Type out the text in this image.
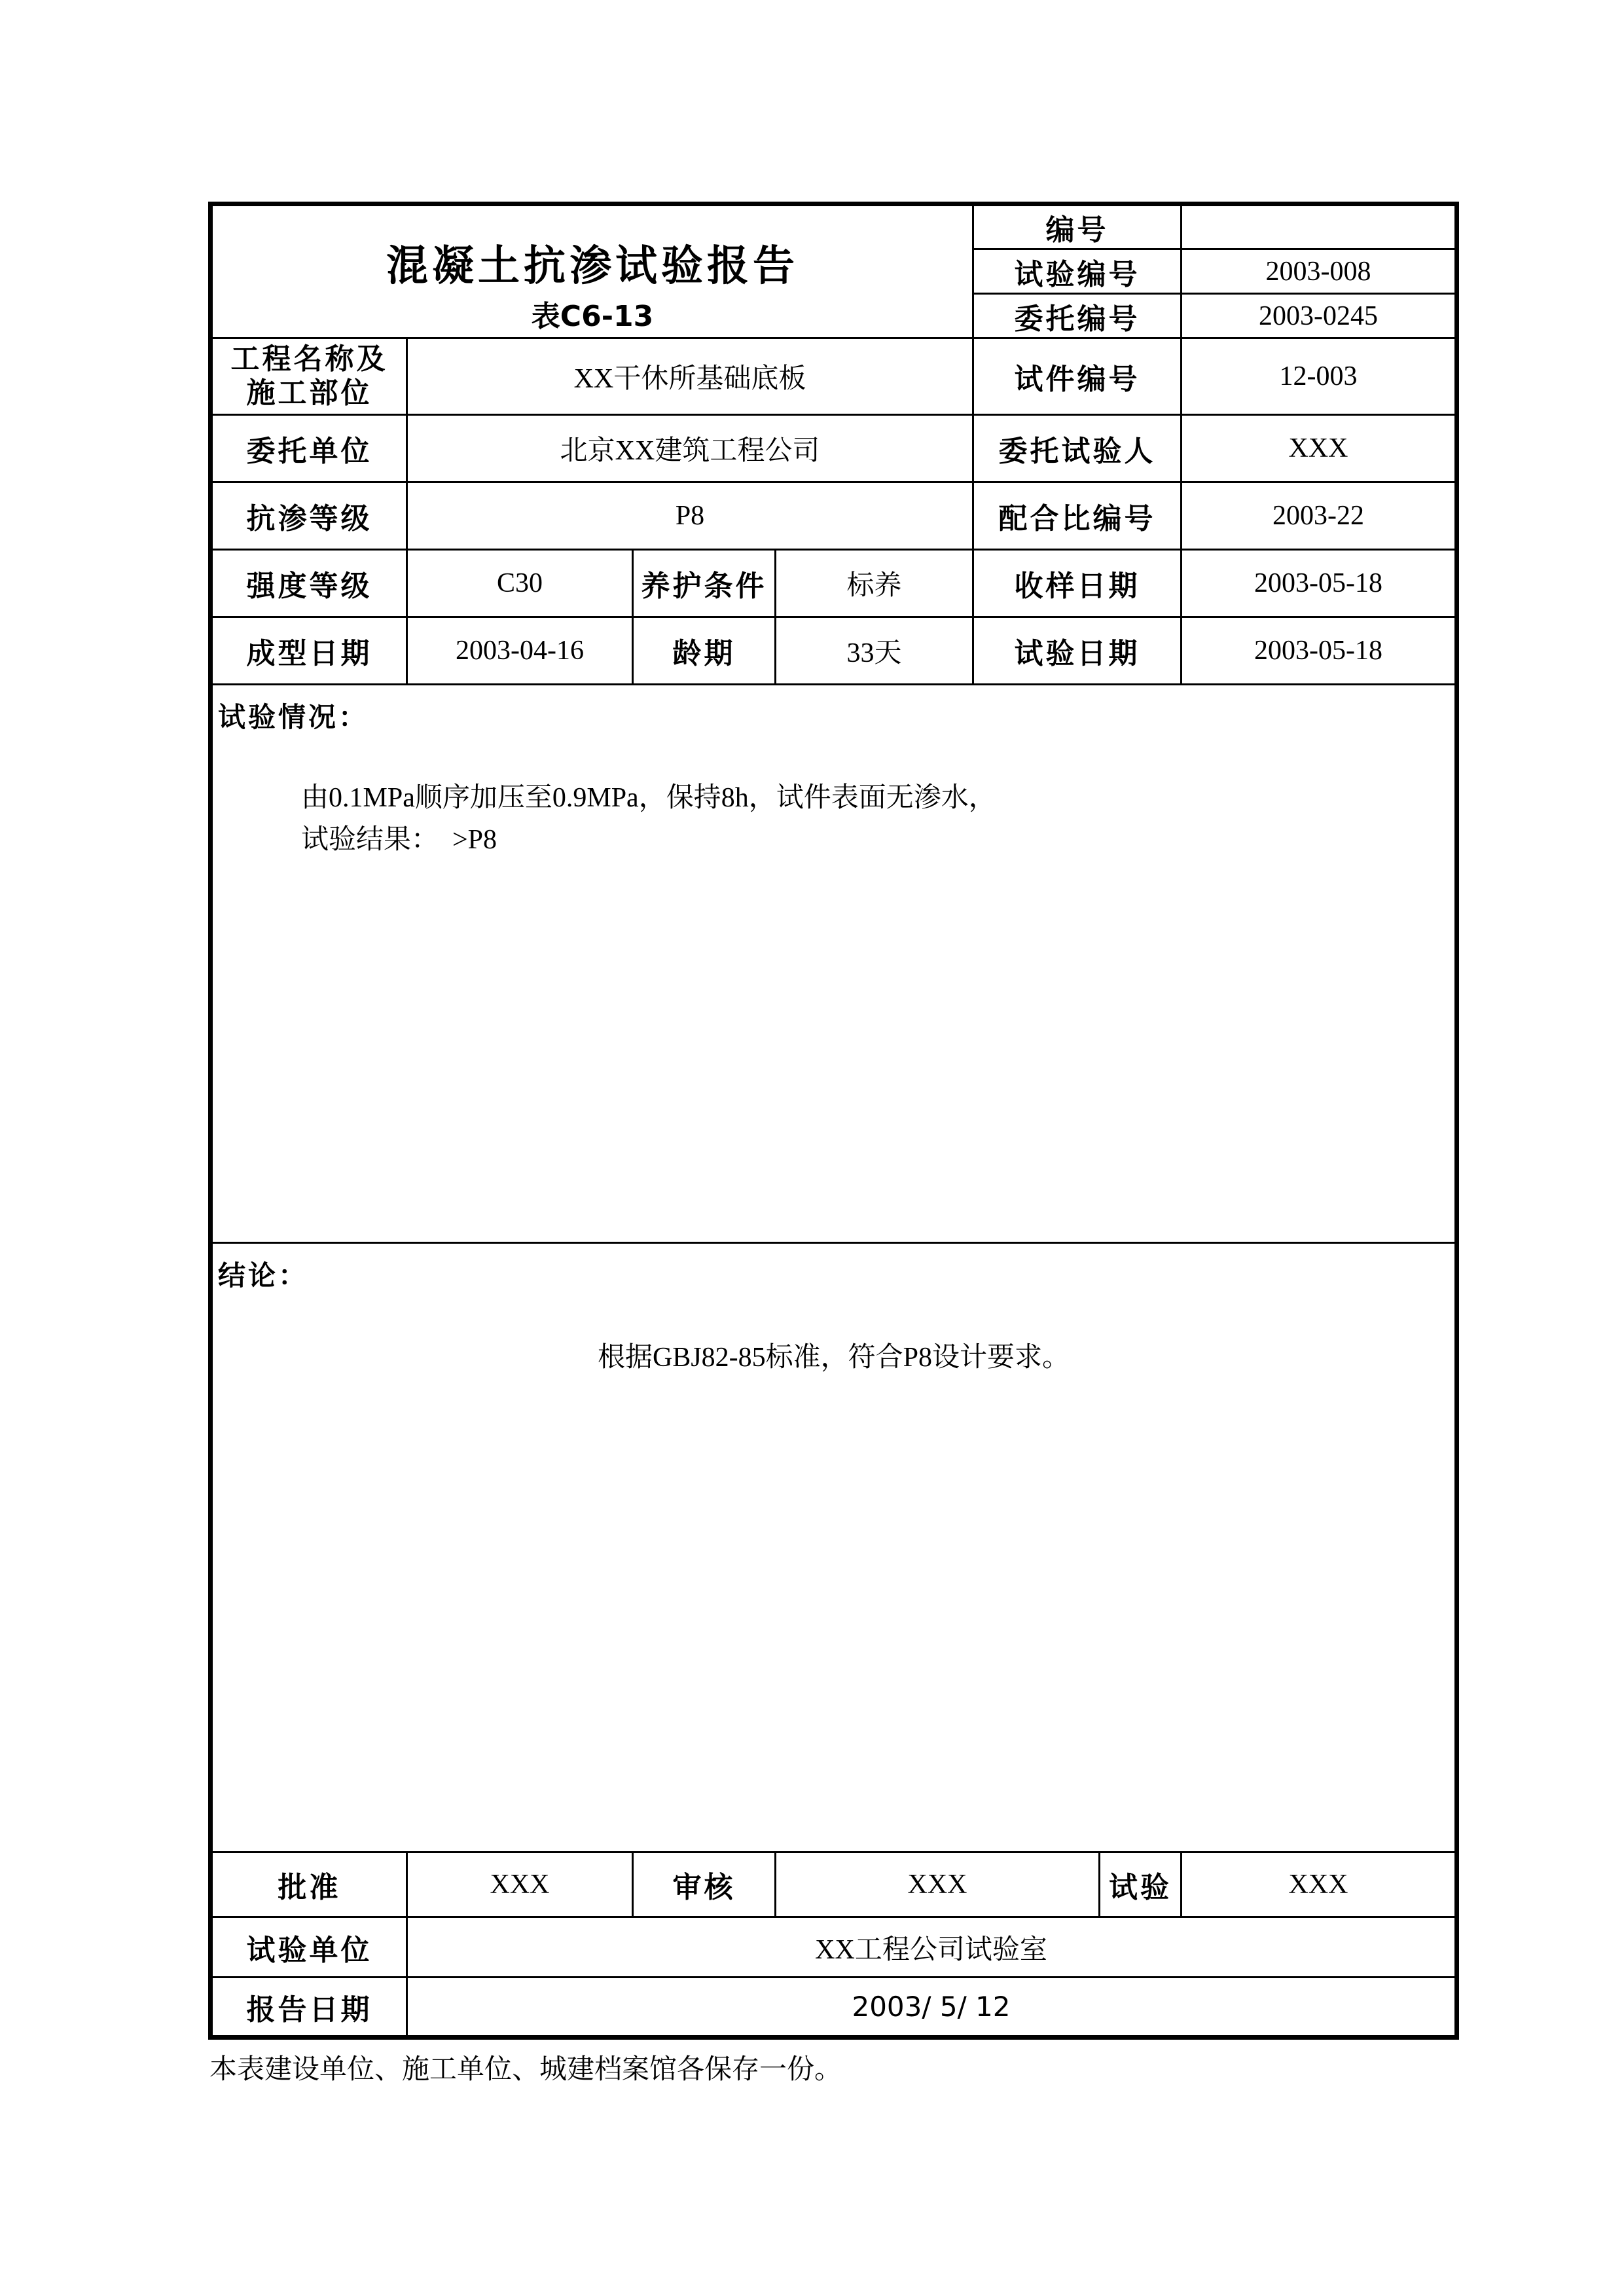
混凝土抗渗试验报告
表C6-13				编号		
				试验编号		2003-008
				委托编号		2003-0245
工程名称及
施工部位	XX干休所基础底板			试件编号		12-003
委托单位	北京XX建筑工程公司			委托试验人		XXX
抗渗等级	P8			配合比编号		2003-22
强度等级	C30	养护条件	标养	收样日期		2003-05-18
成型日期	2003-04-16	龄期	33天	试验日期		2003-05-18

试验情况：
由0.1MPa顺序加压至0.9MPa，保持8h，试件表面无渗水，
试验结果：  >P8						

结论：
根据GBJ82-85标准，符合P8设计要求。						

批准	XXX	审核	XXX		试验	XXX
试验单位	XX工程公司试验室					
报告日期	2003/ 5/ 12					
本表建设单位、施工单位、城建档案馆各保存一份。
